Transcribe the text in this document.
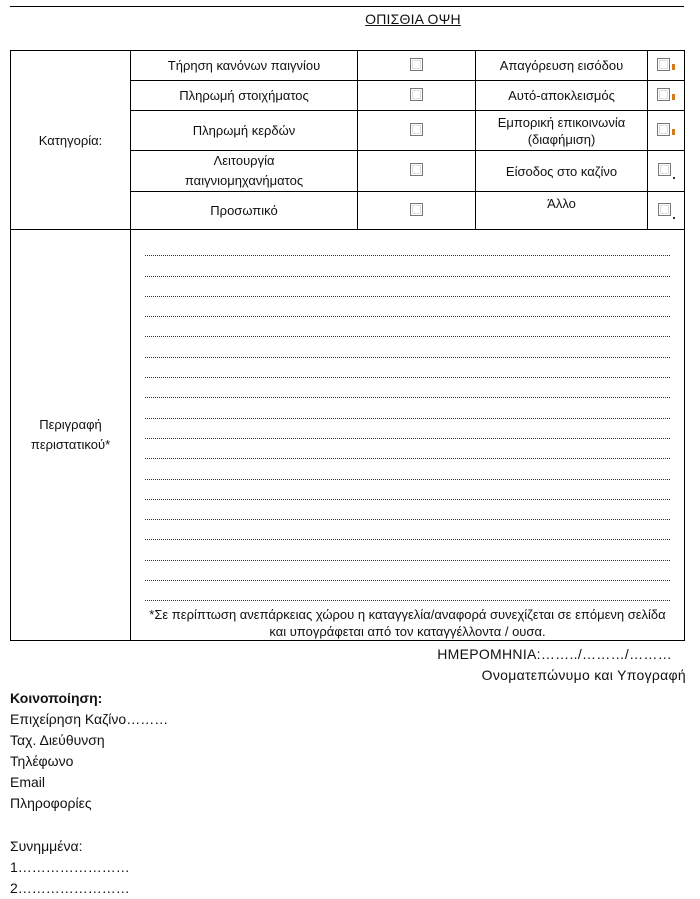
ΟΠΙΣΘΙΑ ΟΨΗ
Κατηγορία:	Τήρηση κανόνων παιγνίου		Απαγόρευση εισόδου	
	Πληρωμή στοιχήματος		Αυτό-αποκλεισμός	
	Πληρωμή κερδών		Εμπορική επικοινωνία (διαφήμιση)	
	Λειτουργία παιγνιομηχανήματος		Είσοδος στο καζίνο	
	Προσωπικό		Άλλο	
Περιγραφή περιστατικού*	*Σε περίπτωση ανεπάρκειας χώρου η καταγγελία/αναφορά συνεχίζεται σε επόμενη σελίδα και υπογράφεται από τον καταγγέλλοντα / ουσα.			
ΗΜΕΡΟΜΗΝΙΑ:……../………/………
Ονοματεπώνυμο και Υπογραφή
Κοινοποίηση:
Επιχείρηση Καζίνο………
Ταχ. Διεύθυνση
Τηλέφωνο
Email
Πληροφορίες
Συνημμένα:
1……………………
2……………………
